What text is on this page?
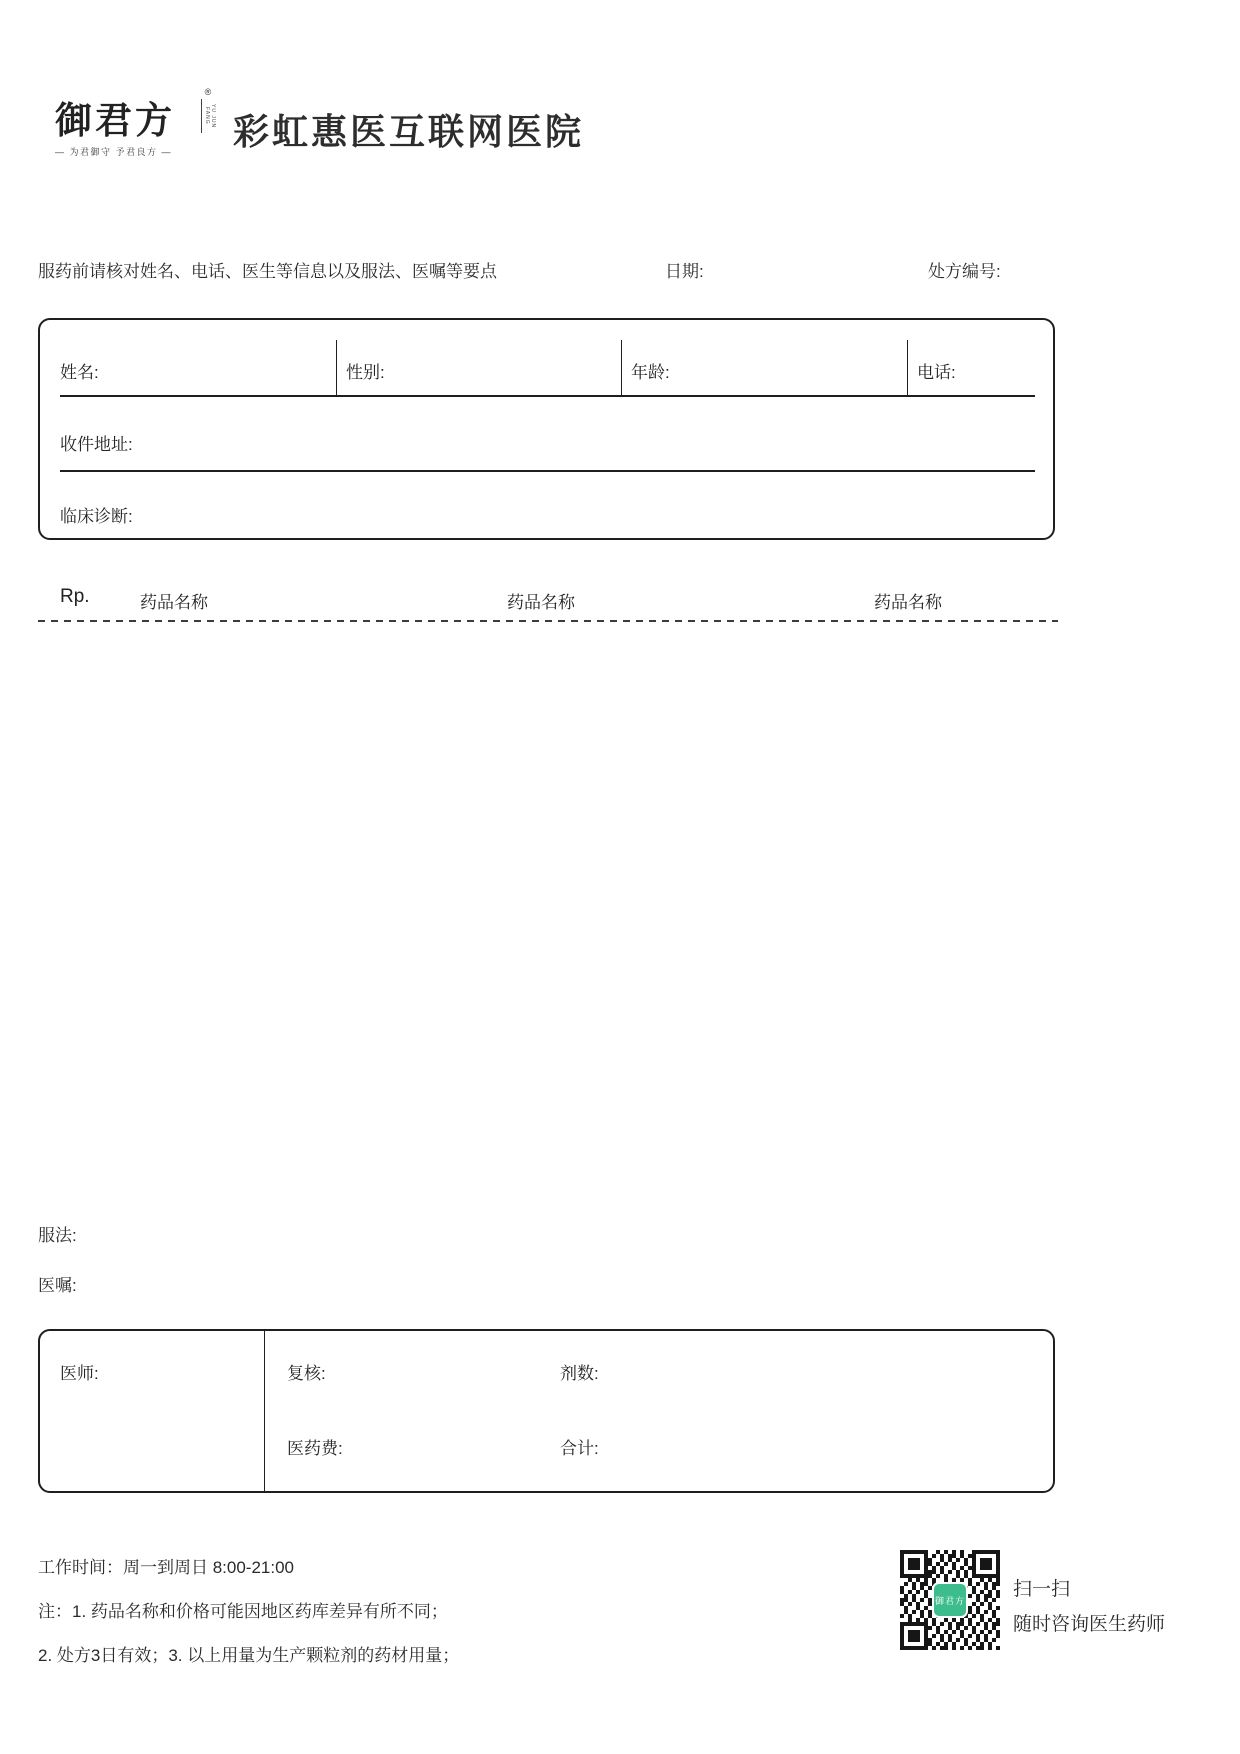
御君方
®
YU JUN FANG
— 为君御守 予君良方 —	彩虹惠医互联网医院
服药前请核对姓名、电话、医生等信息以及服法、医嘱等要点	日期:	处方编号:
姓名:	性别:	年龄:	电话:
收件地址:
临床诊断:
Rp.	药品名称	药品名称	药品名称
服法:
医嘱:
医师:	复核:	剂数:
医药费:	合计:
工作时间：周一到周日 8:00-21:00
注：1. 药品名称和价格可能因地区药库差异有所不同；
2. 处方3日有效；3. 以上用量为生产颗粒剂的药材用量；
御君方
扫一扫
随时咨询医生药师
